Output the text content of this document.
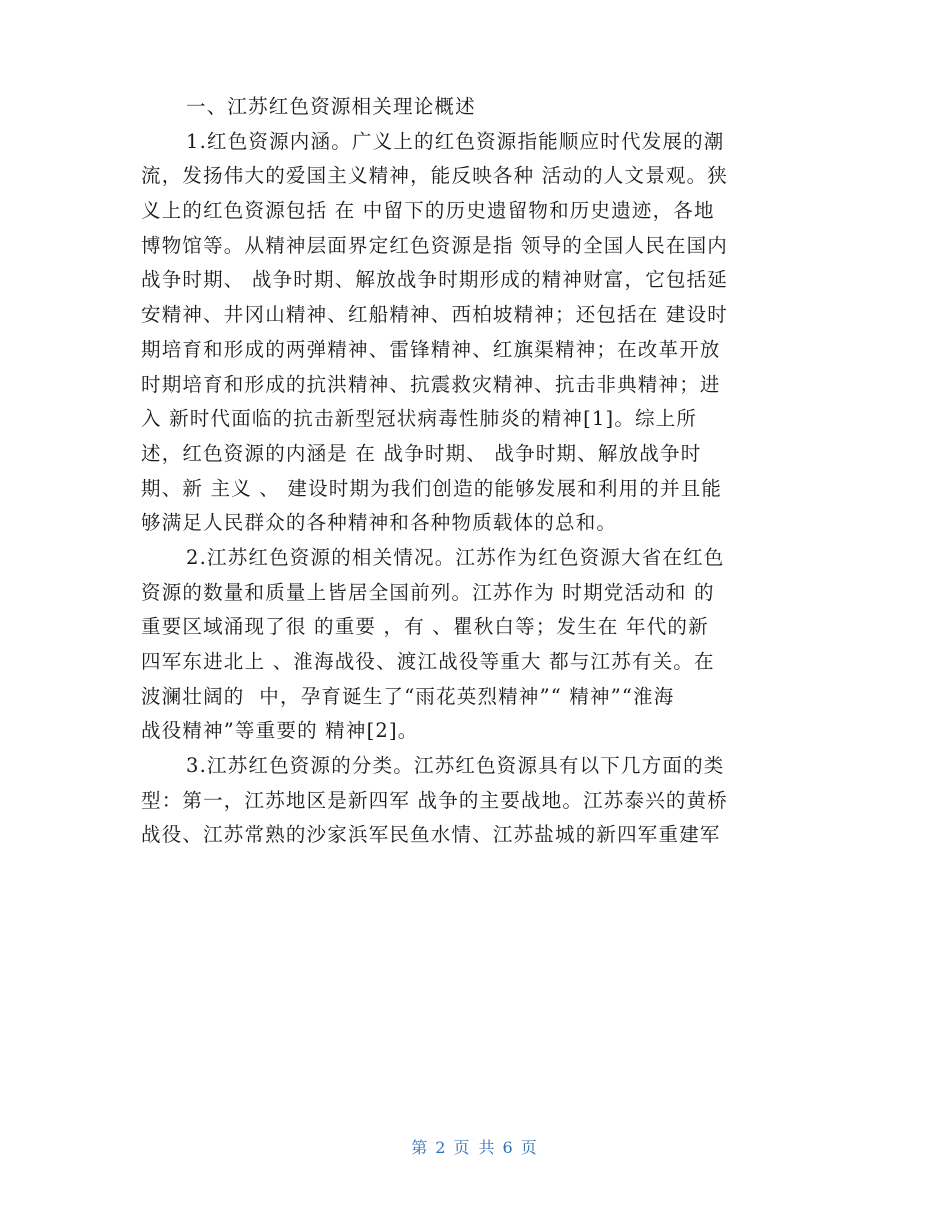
一、江苏红色资源相关理论概述
1.红色资源内涵。广义上的红色资源指能顺应时代发展的潮
流，发扬伟大的爱国主义精神，能反映各种 活动的人文景观。狭
义上的红色资源包括 在 中留下的历史遗留物和历史遗迹，各地
博物馆等。从精神层面界定红色资源是指 领导的全国人民在国内
战争时期、 战争时期、解放战争时期形成的精神财富，它包括延
安精神、井冈山精神、红船精神、西柏坡精神；还包括在 建设时
期培育和形成的两弹精神、雷锋精神、红旗渠精神；在改革开放
时期培育和形成的抗洪精神、抗震救灾精神、抗击非典精神；进
入 新时代面临的抗击新型冠状病毒性肺炎的精神[1]。综上所
述，红色资源的内涵是 在 战争时期、 战争时期、解放战争时
期、新 主义 、 建设时期为我们创造的能够发展和利用的并且能
够满足人民群众的各种精神和各种物质载体的总和。
2.江苏红色资源的相关情况。江苏作为红色资源大省在红色
资源的数量和质量上皆居全国前列。江苏作为 时期党活动和 的
重要区域涌现了很 的重要 ，有 、瞿秋白等；发生在 年代的新
四军东进北上 、淮海战役、渡江战役等重大 都与江苏有关。在
波澜壮阔的  中，孕育诞生了“雨花英烈精神”“ 精神”“淮海
战役精神”等重要的 精神[2]。
3.江苏红色资源的分类。江苏红色资源具有以下几方面的类
型：第一，江苏地区是新四军 战争的主要战地。江苏泰兴的黄桥
战役、江苏常熟的沙家浜军民鱼水情、江苏盐城的新四军重建军
第 2 页 共 6 页
